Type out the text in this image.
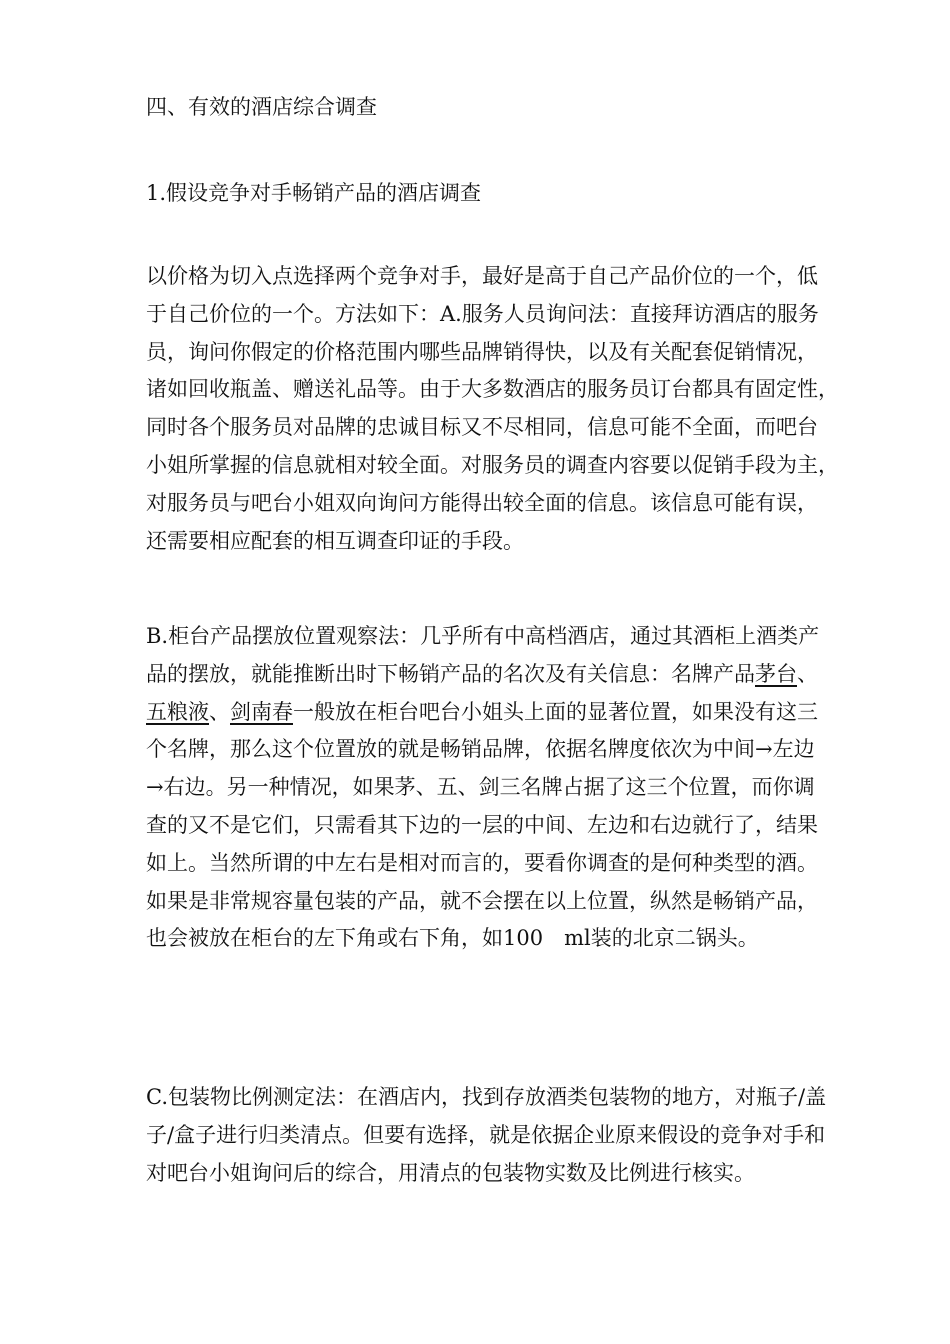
四、有效的酒店综合调查
1.假设竞争对手畅销产品的酒店调查
以价格为切入点选择两个竞争对手，最好是高于自己产品价位的一个，低
于自己价位的一个。方法如下：A.服务人员询问法：直接拜访酒店的服务
员，询问你假定的价格范围内哪些品牌销得快，以及有关配套促销情况，
诸如回收瓶盖、赠送礼品等。由于大多数酒店的服务员订台都具有固定性，
同时各个服务员对品牌的忠诚目标又不尽相同，信息可能不全面，而吧台
小姐所掌握的信息就相对较全面。对服务员的调查内容要以促销手段为主，
对服务员与吧台小姐双向询问方能得出较全面的信息。该信息可能有误，
还需要相应配套的相互调查印证的手段。
B.柜台产品摆放位置观察法：几乎所有中高档酒店，通过其酒柜上酒类产
品的摆放，就能推断出时下畅销产品的名次及有关信息：名牌产品茅台、
五粮液、剑南春一般放在柜台吧台小姐头上面的显著位置，如果没有这三
个名牌，那么这个位置放的就是畅销品牌，依据名牌度依次为中间→左边
→右边。另一种情况，如果茅、五、剑三名牌占据了这三个位置，而你调
查的又不是它们，只需看其下边的一层的中间、左边和右边就行了，结果
如上。当然所谓的中左右是相对而言的，要看你调查的是何种类型的酒。
如果是非常规容量包装的产品，就不会摆在以上位置，纵然是畅销产品，
也会被放在柜台的左下角或右下角，如100　ml装的北京二锅头。
C.包装物比例测定法：在酒店内，找到存放酒类包装物的地方，对瓶子/盖
子/盒子进行归类清点。但要有选择，就是依据企业原来假设的竞争对手和
对吧台小姐询问后的综合，用清点的包装物实数及比例进行核实。
